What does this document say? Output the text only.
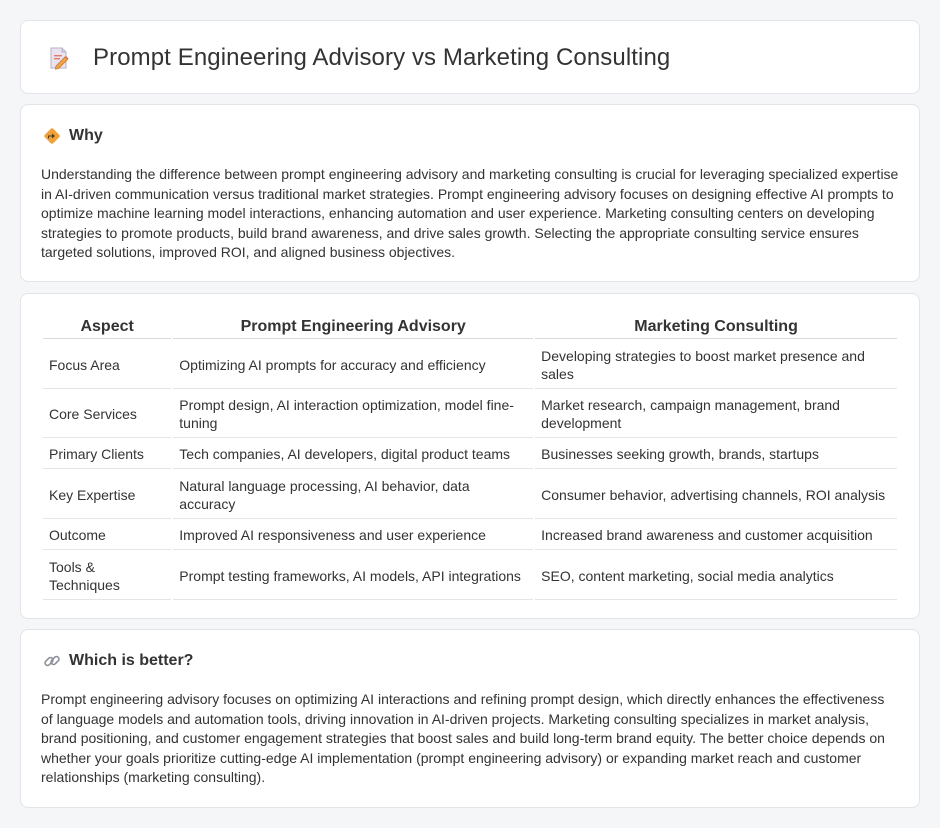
Prompt Engineering Advisory vs Marketing Consulting
Why

Understanding the difference between prompt engineering advisory and marketing consulting is crucial for leveraging specialized expertise in AI-driven communication versus traditional market strategies. Prompt engineering advisory focuses on designing effective AI prompts to optimize machine learning model interactions, enhancing automation and user experience. Marketing consulting centers on developing strategies to promote products, build brand awareness, and drive sales growth. Selecting the appropriate consulting service ensures targeted solutions, improved ROI, and aligned business objectives.

Aspect	Prompt Engineering Advisory	Marketing Consulting
Focus Area	Optimizing AI prompts for accuracy and efficiency	Developing strategies to boost market presence and sales
Core Services	Prompt design, AI interaction optimization, model fine-tuning	Market research, campaign management, brand development
Primary Clients	Tech companies, AI developers, digital product teams	Businesses seeking growth, brands, startups
Key Expertise	Natural language processing, AI behavior, data accuracy	Consumer behavior, advertising channels, ROI analysis
Outcome	Improved AI responsiveness and user experience	Increased brand awareness and customer acquisition
Tools & Techniques	Prompt testing frameworks, AI models, API integrations	SEO, content marketing, social media analytics
Which is better?

Prompt engineering advisory focuses on optimizing AI interactions and refining prompt design, which directly enhances the effectiveness of language models and automation tools, driving innovation in AI-driven projects. Marketing consulting specializes in market analysis, brand positioning, and customer engagement strategies that boost sales and build long-term brand equity. The better choice depends on whether your goals prioritize cutting-edge AI implementation (prompt engineering advisory) or expanding market reach and customer relationships (marketing consulting).
